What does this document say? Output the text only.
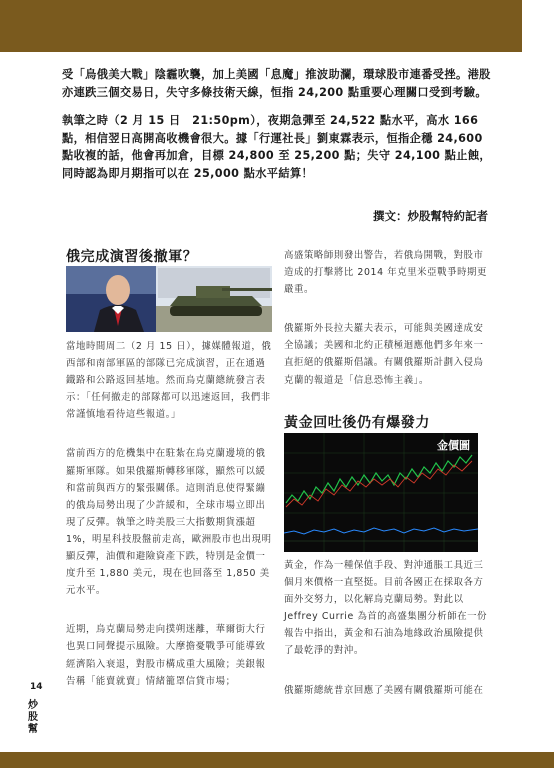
受「烏俄美大戰」陰霾吹襲，加上美國「息魔」推波助瀾，環球股市連番受挫。港股亦連跌三個交易日，失守多條技術天線，恒指 24,200 點重要心理關口受到考驗。

執筆之時（2 月 15 日　21:50pm），夜期急彈至 24,522 點水平，高水 166 點，相信翌日高開高收機會很大。據「行運社長」劉東霖表示，恒指企穩 24,600 點收複的話，他會再加倉，目標 24,800 至 25,200 點；失守 24,100 點止蝕，同時認為即月期指可以在 25,000 點水平結算！

撰文：炒股幫特約記者
俄完成演習後撤軍？

當地時間周二（2 月 15 日），據媒體報道，俄西部和南部軍區的部隊已完成演習，正在通過鐵路和公路返回基地。然而烏克蘭總統發言表示：「任何撤走的部隊都可以迅速返回，我們非常謹慎地看待這些報道。」

當前西方的危機集中在駐紮在烏克蘭邊境的俄羅斯軍隊。如果俄羅斯轉移軍隊，顯然可以緩和當前與西方的緊張關係。這則消息使得緊繃的俄烏局勢出現了少許緩和，全球市場立即出現了反彈。執筆之時美股三大指數期貨漲超 1%，明星科技股盤前走高，歐洲股市也出現明顯反彈，油價和避險資產下跌，特別是金價一度升至 1,880 美元，現在也回落至 1,850 美元水平。

近期，烏克蘭局勢走向撲朔迷離，華爾街大行也異口同聲提示風險。大摩擔憂戰爭可能導致經濟陷入衰退，對股市構成重大風險；美銀報告稱「能賣就賣」情緒籠罩信貸市場；

高盛策略師則發出警告，若俄烏開戰，對股市造成的打擊將比 2014 年克里米亞戰爭時期更嚴重。

俄羅斯外長拉夫羅夫表示，可能與美國達成安全協議；美國和北約正積極迴應他們多年來一直拒絕的俄羅斯倡議。有關俄羅斯計劃入侵烏克蘭的報道是「信息恐怖主義」。

黃金回吐後仍有爆發力
金價圖

黃金，作為一種保值手段、對沖通脹工具近三個月來價格一直堅挺。目前各國正在採取各方面外交努力，以化解烏克蘭局勢。對此以 Jeffrey Currie 為首的高盛集團分析師在一份報告中指出，黃金和石油為地緣政治風險提供了最乾淨的對沖。

俄羅斯總統普京回應了美國有關俄羅斯可能在

14
炒股幫
